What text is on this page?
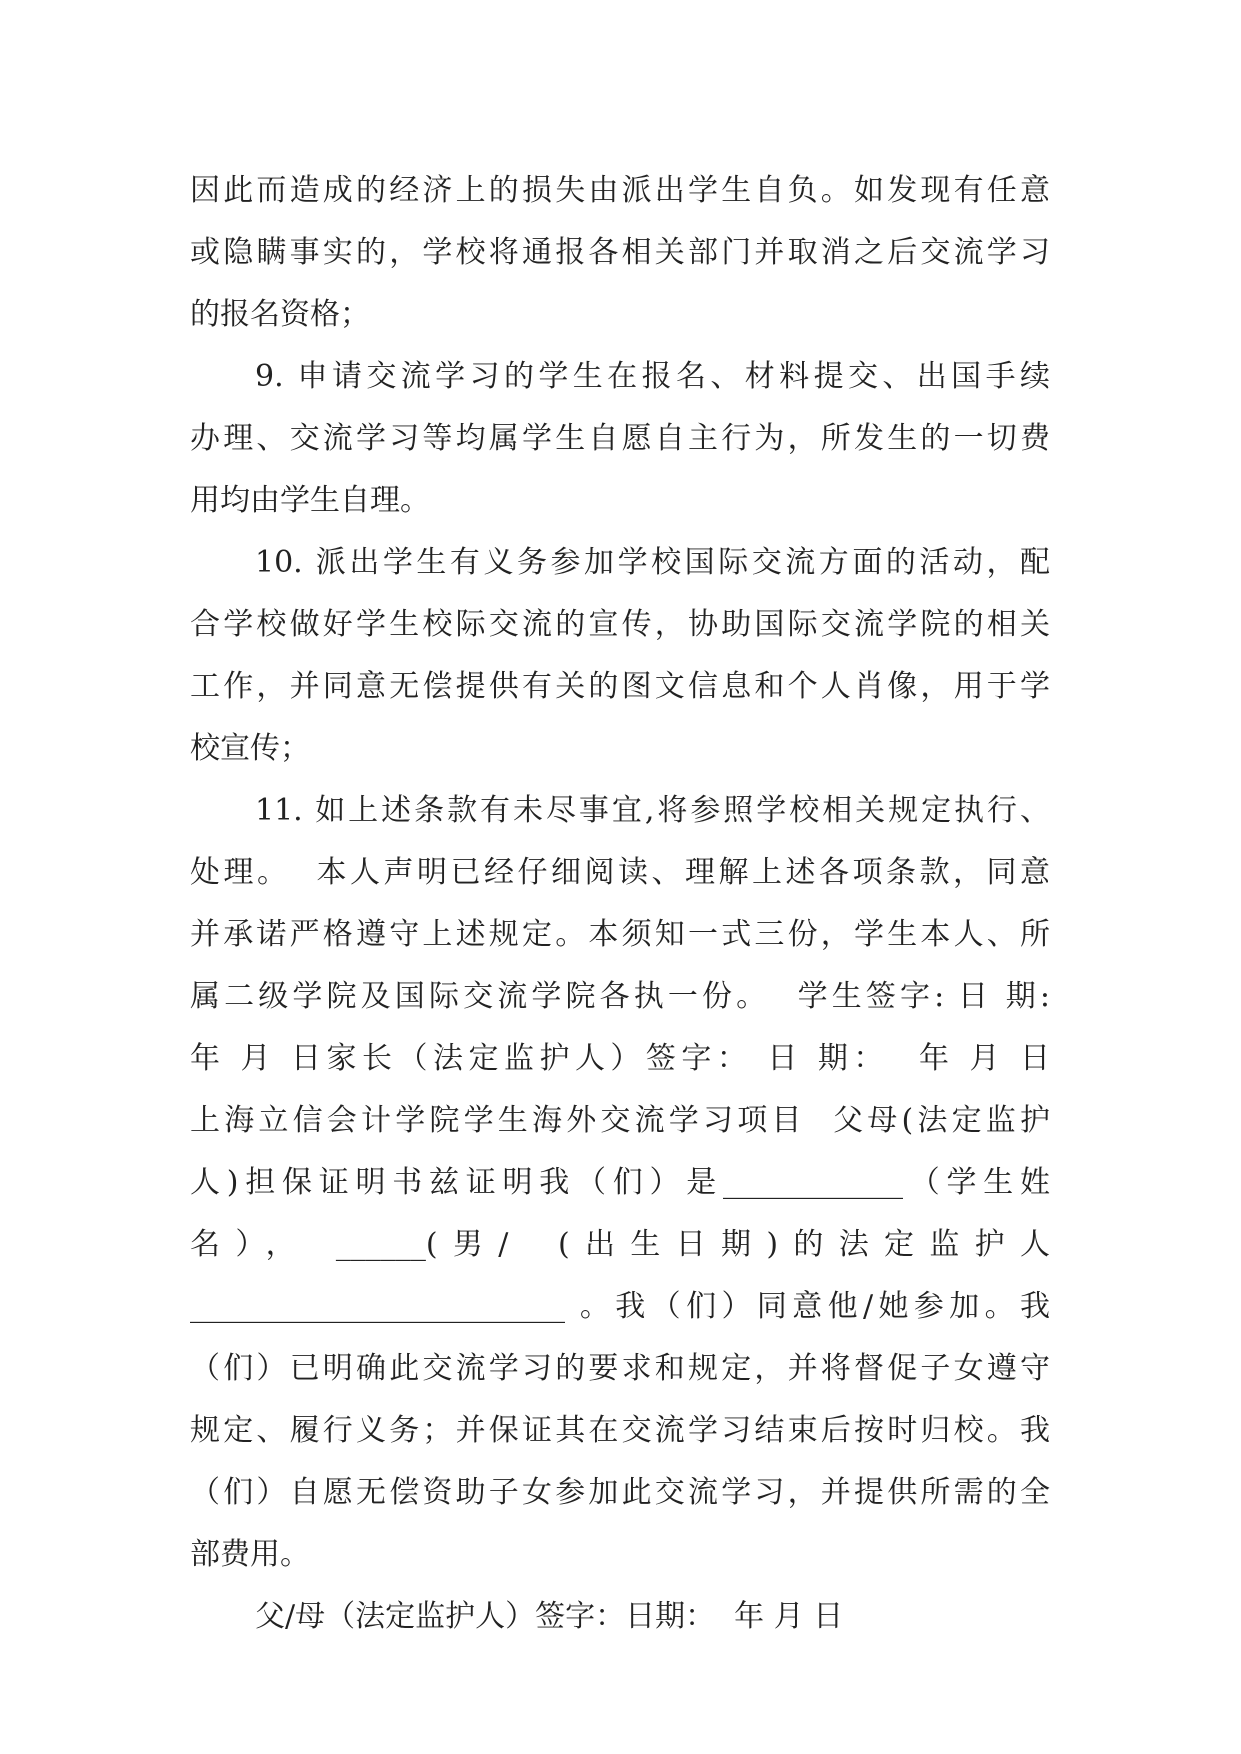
因此而造成的经济上的损失由派出学生自负。如发现有任意
或隐瞒事实的，学校将通报各相关部门并取消之后交流学习
的报名资格；
9. 申请交流学习的学生在报名、材料提交、出国手续
办理、交流学习等均属学生自愿自主行为，所发生的一切费
用均由学生自理。
10. 派出学生有义务参加学校国际交流方面的活动，配
合学校做好学生校际交流的宣传，协助国际交流学院的相关
工作，并同意无偿提供有关的图文信息和个人肖像，用于学
校宣传；
11. 如上述条款有未尽事宜,将参照学校相关规定执行、
处理。  本人声明已经仔细阅读、理解上述各项条款，同意
并承诺严格遵守上述规定。本须知一式三份，学生本人、所
属二级学院及国际交流学院各执一份。  学生签字: 日 期:
年 月 日家长（法定监护人）签字： 日 期：  年 月 日
上海立信会计学院学生海外交流学习项目  父母(法定监护
人)担保证明书兹证明我（们）是____________（学生姓
名）， ______(男/  (出生日期)的法定监护人
_________________________ 。我（们）同意他/她参加。我
（们）已明确此交流学习的要求和规定，并将督促子女遵守
规定、履行义务；并保证其在交流学习结束后按时归校。我
（们）自愿无偿资助子女参加此交流学习，并提供所需的全
部费用。
父/母（法定监护人）签字：日期：  年 月 日
